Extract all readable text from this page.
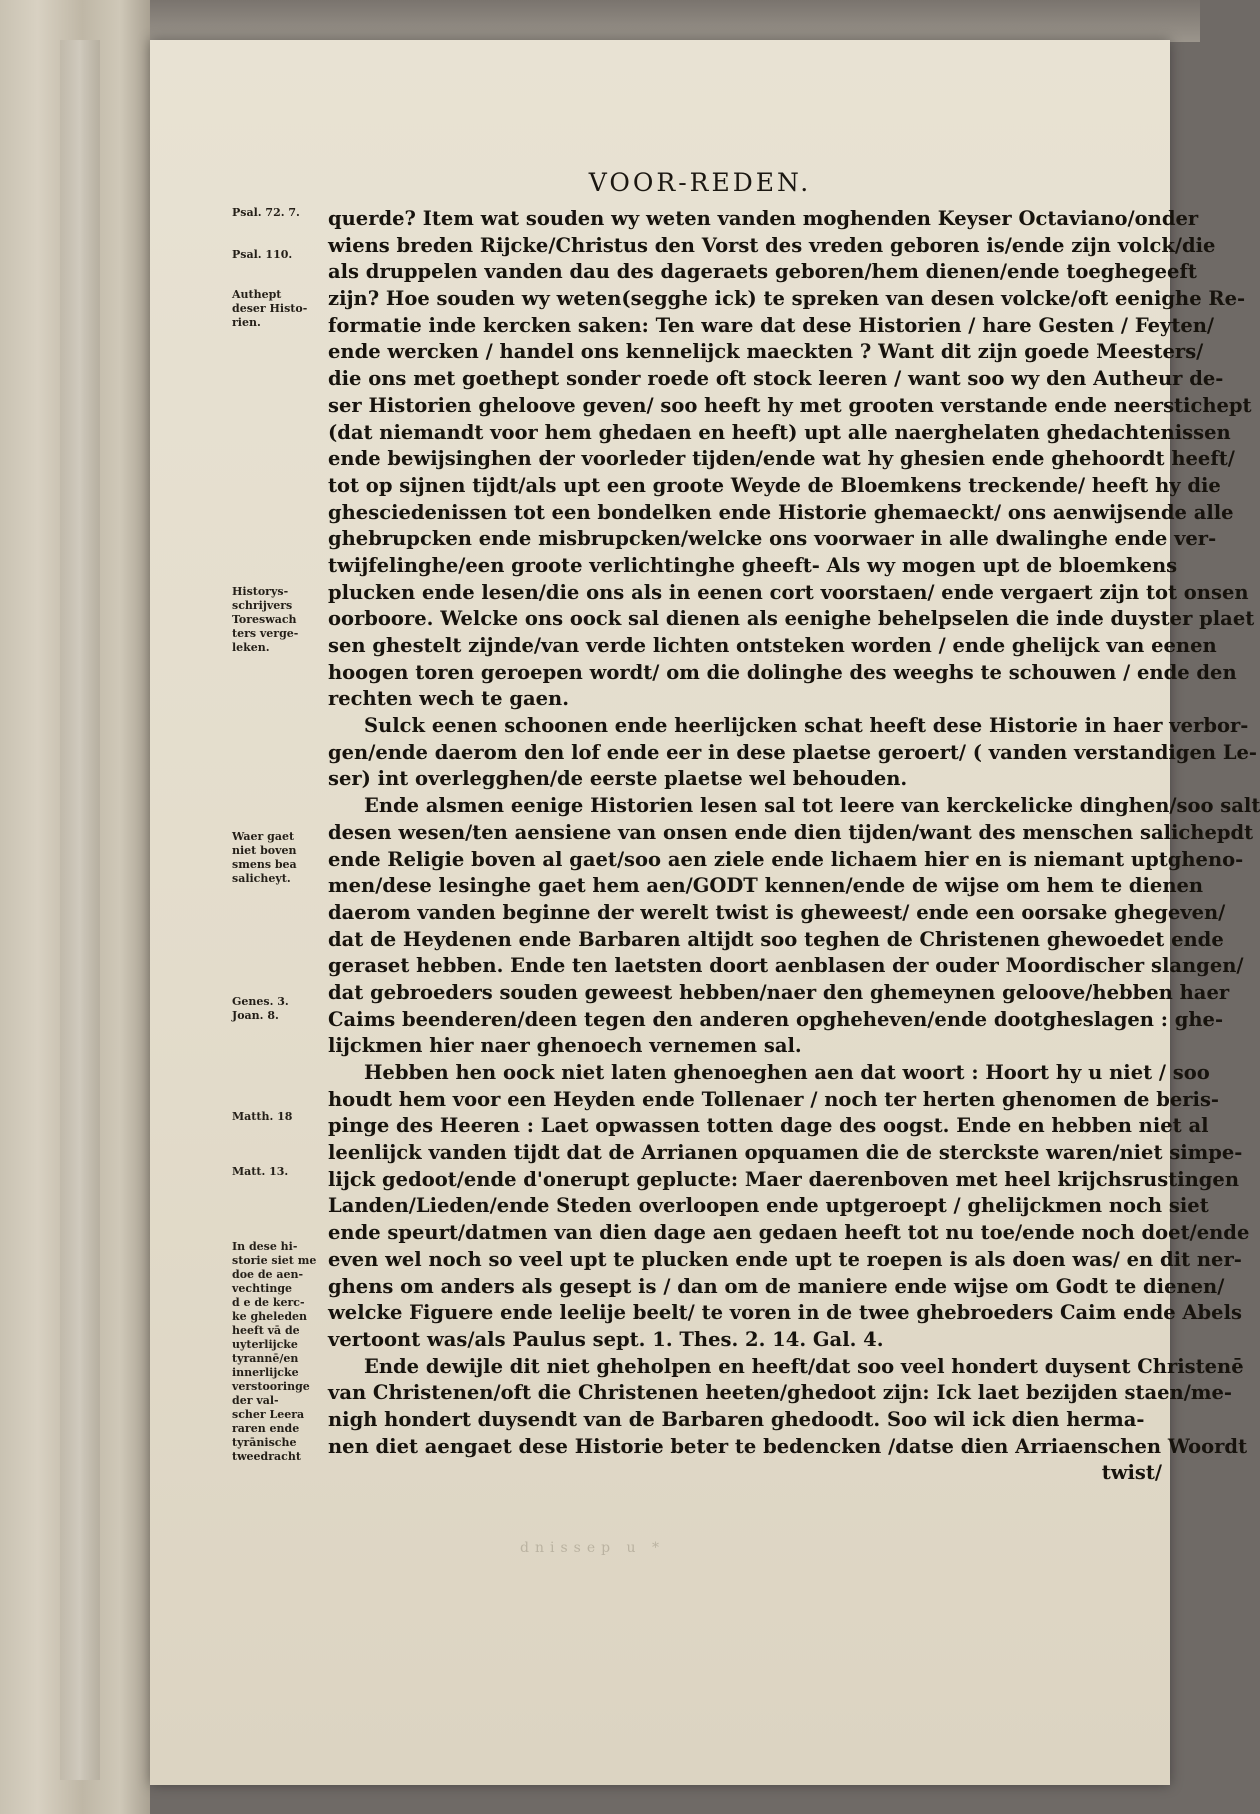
VOOR-REDEN.
querde? Item wat souden wy weten vanden moghenden Keyser Octaviano/onder
wiens breden Rijcke/Christus den Vorst des vreden geboren is/ende zijn volck/die
als druppelen vanden dau des dageraets geboren/hem dienen/ende toeghegeeft
zijn? Hoe souden wy weten(segghe ick) te spreken van desen volcke/oft eenighe Re-
formatie inde kercken saken: Ten ware dat dese Historien / hare Gesten / Feyten/
ende wercken / handel ons kennelijck maeckten ? Want dit zijn goede Meesters/
die ons met goethept sonder roede oft stock leeren / want soo wy den Autheur de-
ser Historien gheloove geven/ soo heeft hy met grooten verstande ende neerstichept
(dat niemandt voor hem ghedaen en heeft) upt alle naerghelaten ghedachtenissen
ende bewijsinghen der voorleder tijden/ende wat hy ghesien ende ghehoordt heeft/
tot op sijnen tijdt/als upt een groote Weyde de Bloemkens treckende/ heeft hy die
ghesciedenissen tot een bondelken ende Historie ghemaeckt/ ons aenwijsende alle
ghebrupcken ende misbrupcken/welcke ons voorwaer in alle dwalinghe ende ver-
twijfelinghe/een groote verlichtinghe gheeft- Als wy mogen upt de bloemkens
plucken ende lesen/die ons als in eenen cort voorstaen/ ende vergaert zijn tot onsen
oorboore. Welcke ons oock sal dienen als eenighe behelpselen die inde duyster plaet
sen ghestelt zijnde/van verde lichten ontsteken worden / ende ghelijck van eenen
hoogen toren geroepen wordt/ om die dolinghe des weeghs te schouwen / ende den
rechten wech te gaen.
Sulck eenen schoonen ende heerlijcken schat heeft dese Historie in haer verbor-
gen/ende daerom den lof ende eer in dese plaetse geroert/ ( vanden verstandigen Le-
ser) int overlegghen/de eerste plaetse wel behouden.
Ende alsmen eenige Historien lesen sal tot leere van kerckelicke dinghen/soo salt
desen wesen/ten aensiene van onsen ende dien tijden/want des menschen salichepdt
ende Religie boven al gaet/soo aen ziele ende lichaem hier en is niemant uptgheno-
men/dese lesinghe gaet hem aen/GODT kennen/ende de wijse om hem te dienen
daerom vanden beginne der werelt twist is gheweest/ ende een oorsake ghegeven/
dat de Heydenen ende Barbaren altijdt soo teghen de Christenen ghewoedet ende
geraset hebben. Ende ten laetsten doort aenblasen der ouder Moordischer slangen/
dat gebroeders souden geweest hebben/naer den ghemeynen geloove/hebben haer
Caims beenderen/deen tegen den anderen opgheheven/ende dootgheslagen : ghe-
lijckmen hier naer ghenoech vernemen sal.
Hebben hen oock niet laten ghenoeghen aen dat woort : Hoort hy u niet / soo
houdt hem voor een Heyden ende Tollenaer / noch ter herten ghenomen de beris-
pinge des Heeren : Laet opwassen totten dage des oogst. Ende en hebben niet al
leenlijck vanden tijdt dat de Arrianen opquamen die de sterckste waren/niet simpe-
lijck gedoot/ende d'onerupt geplucte: Maer daerenboven met heel krijchsrustingen
Landen/Lieden/ende Steden overloopen ende uptgeroept / ghelijckmen noch siet
ende speurt/datmen van dien dage aen gedaen heeft tot nu toe/ende noch doet/ende
even wel noch so veel upt te plucken ende upt te roepen is als doen was/ en dit ner-
ghens om anders als gesept is / dan om de maniere ende wijse om Godt te dienen/
welcke Figuere ende leelije beelt/ te voren in de twee ghebroeders Caim ende Abels
vertoont was/als Paulus sept. 1. Thes. 2. 14. Gal. 4.
Ende dewijle dit niet gheholpen en heeft/dat soo veel hondert duysent Christenē
van Christenen/oft die Christenen heeten/ghedoot zijn: Ick laet bezijden staen/me-
nigh hondert duysendt van de Barbaren ghedoodt. Soo wil ick dien herma-
nen diet aengaet dese Historie beter te bedencken /datse dien Arriaenschen Woordt
twist/
Psal. 72. 7.
Psal. 110.
Authept
deser Histo-
rien.
Historys-
schrijvers
Toreswach
ters verge-
leken.
Waer gaet
niet boven
smens bea
salicheyt.
Genes. 3.
Joan. 8.
Matth. 18
Matt. 13.
In dese hi-
storie siet me
doe de aen-
vechtinge
d e de kerc-
ke gheleden
heeft vā de
uyterlijcke
tyrannē/en
innerlijcke
verstooringe
der val-
scher Leera
raren ende
tyrānische
tweedracht
dnissep u *
